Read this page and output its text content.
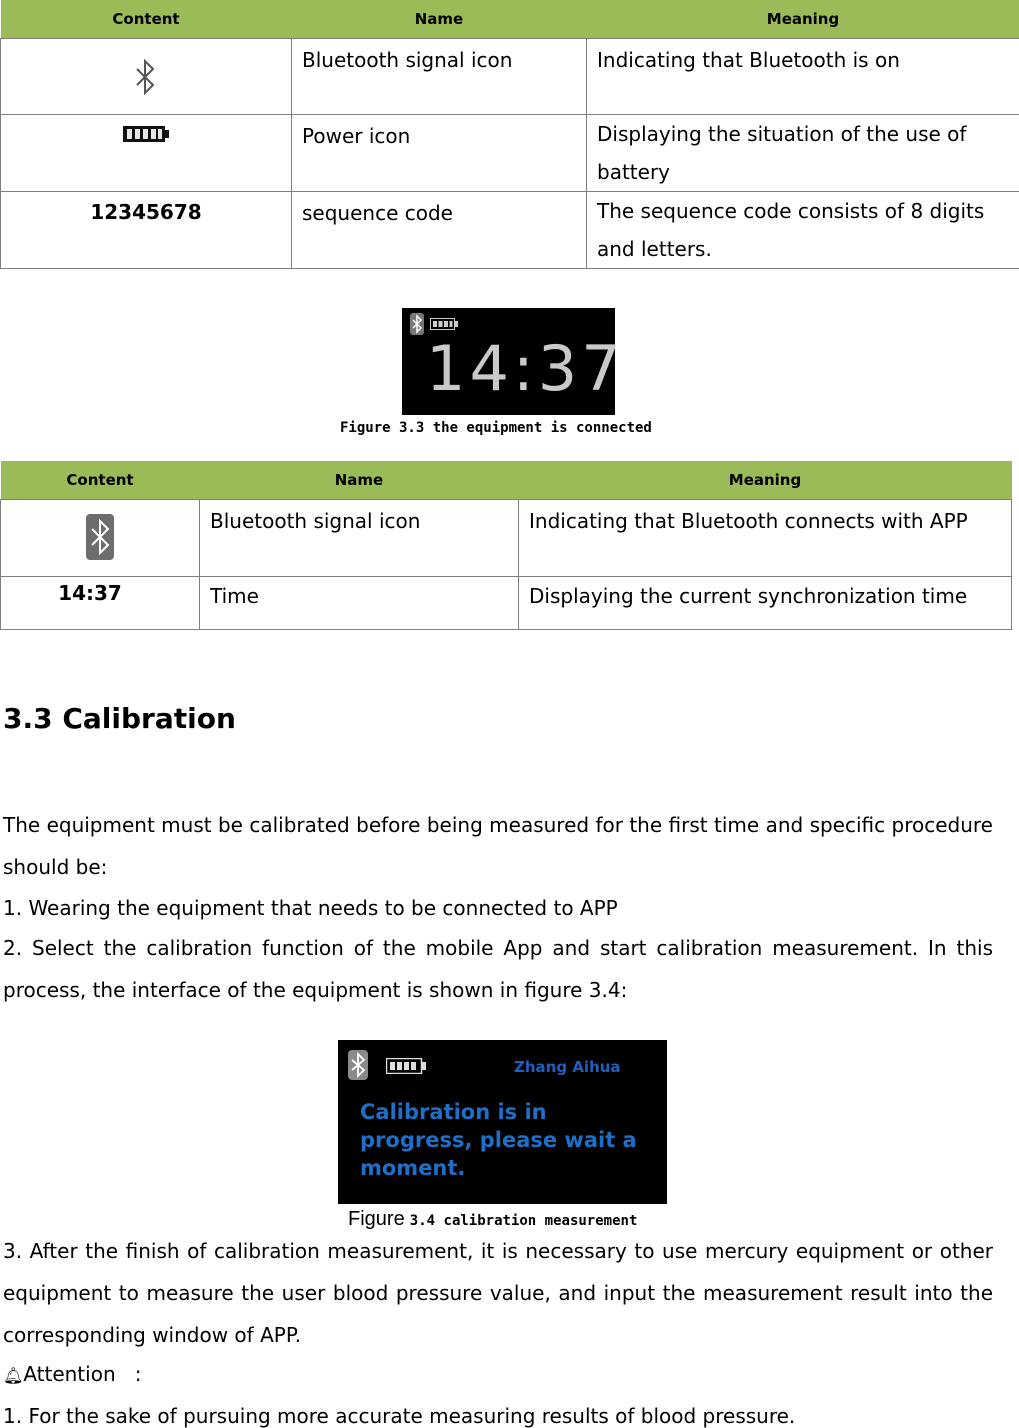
Content	Name	Meaning

Bluetooth signal icon	Indicating that Bluetooth is on

Power icon	Displaying the situation of the use of battery

12345678	sequence code	The sequence code consists of 8 digits and letters.
14:37
Figure 3.3 the equipment is connected
Content	Name	Meaning

Bluetooth signal icon	Indicating that Bluetooth connects with APP

14:37	Time	Displaying the current synchronization time
3.3 Calibration
The equipment must be calibrated before being measured for the first time and specific procedure should be:
1. Wearing the equipment that needs to be connected to APP
2. Select the calibration function of the mobile App and start calibration measurement. In this process, the interface of the equipment is shown in figure 3.4:
Zhang Aihua
Calibration is in progress, please wait a moment.
Figure 3.4 calibration measurement
3. After the finish of calibration measurement, it is necessary to use mercury equipment or other equipment to measure the user blood pressure value, and input the measurement result into the corresponding window of APP.
🔔︎Attention   :
1. For the sake of pursuing more accurate measuring results of blood pressure.
